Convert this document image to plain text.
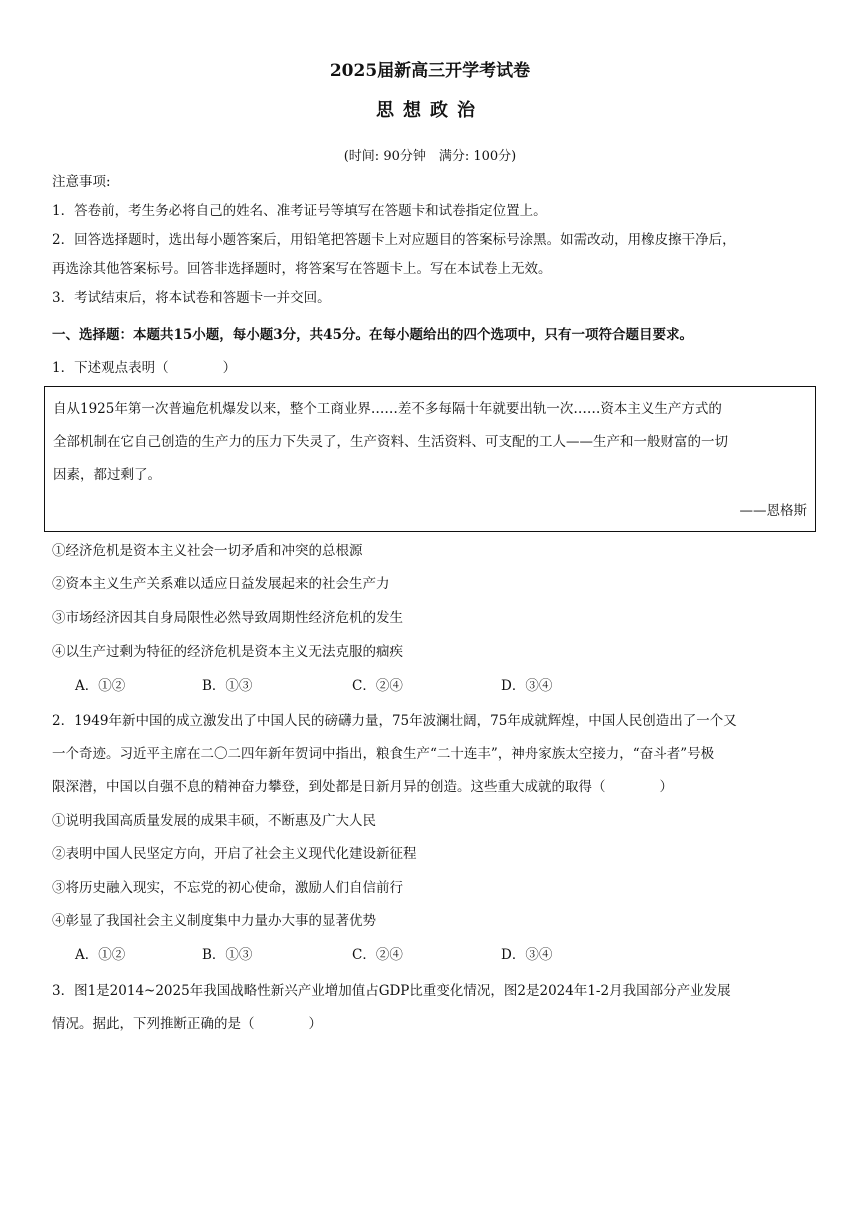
2025届新高三开学考试卷
思想政治
(时间: 90分钟　满分: 100分)
注意事项:
1．答卷前，考生务必将自己的姓名、准考证号等填写在答题卡和试卷指定位置上。
2．回答选择题时，选出每小题答案后，用铅笔把答题卡上对应题目的答案标号涂黑。如需改动，用橡皮擦干净后，
再选涂其他答案标号。回答非选择题时，将答案写在答题卡上。写在本试卷上无效。
3．考试结束后，将本试卷和答题卡一并交回。
一、选择题：本题共15小题，每小题3分，共45分。在每小题给出的四个选项中，只有一项符合题目要求。
1．下述观点表明（　　　　）
自从1925年第一次普遍危机爆发以来，整个工商业界……差不多每隔十年就要出轨一次……资本主义生产方式的
全部机制在它自己创造的生产力的压力下失灵了，生产资料、生活资料、可支配的工人——生产和一般财富的一切
因素，都过剩了。
——恩格斯
①经济危机是资本主义社会一切矛盾和冲突的总根源
②资本主义生产关系难以适应日益发展起来的社会生产力
③市场经济因其自身局限性必然导致周期性经济危机的发生
④以生产过剩为特征的经济危机是资本主义无法克服的痼疾
A．①②	B．①③	C．②④	D．③④
2．1949年新中国的成立激发出了中国人民的磅礴力量，75年波澜壮阔，75年成就辉煌，中国人民创造出了一个又
一个奇迹。习近平主席在二〇二四年新年贺词中指出，粮食生产“二十连丰”，神舟家族太空接力，“奋斗者”号极
限深潜，中国以自强不息的精神奋力攀登，到处都是日新月异的创造。这些重大成就的取得（　　　　）
①说明我国高质量发展的成果丰硕，不断惠及广大人民
②表明中国人民坚定方向，开启了社会主义现代化建设新征程
③将历史融入现实，不忘党的初心使命，激励人们自信前行
④彰显了我国社会主义制度集中力量办大事的显著优势
A．①②	B．①③	C．②④	D．③④
3．图1是2014~2025年我国战略性新兴产业增加值占GDP比重变化情况，图2是2024年1-2月我国部分产业发展
情况。据此，下列推断正确的是（　　　　）
